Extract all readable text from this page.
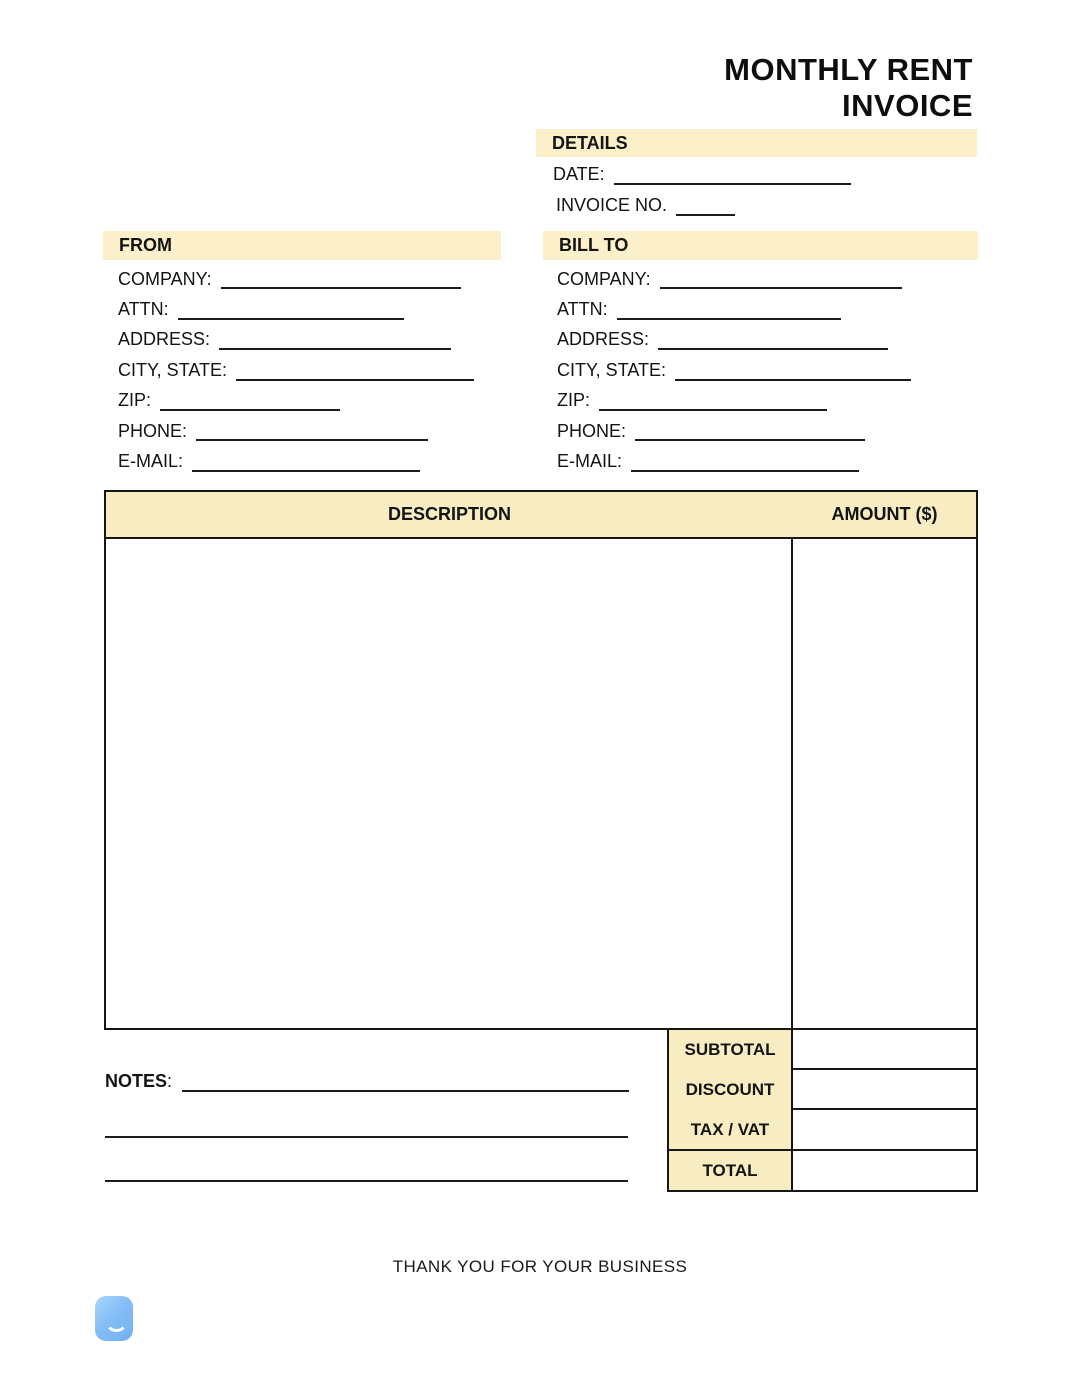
MONTHLY RENT
INVOICE
DETAILS
DATE:
INVOICE NO.
FROM	BILL TO
COMPANY:
ATTN:
ADDRESS:
CITY, STATE:
ZIP:
PHONE:
E-MAIL:
COMPANY:
ATTN:
ADDRESS:
CITY, STATE:
ZIP:
PHONE:
E-MAIL:
DESCRIPTION	AMOUNT ($)
SUBTOTAL
DISCOUNT
TAX / VAT
TOTAL
NOTES :
THANK YOU FOR YOUR BUSINESS
